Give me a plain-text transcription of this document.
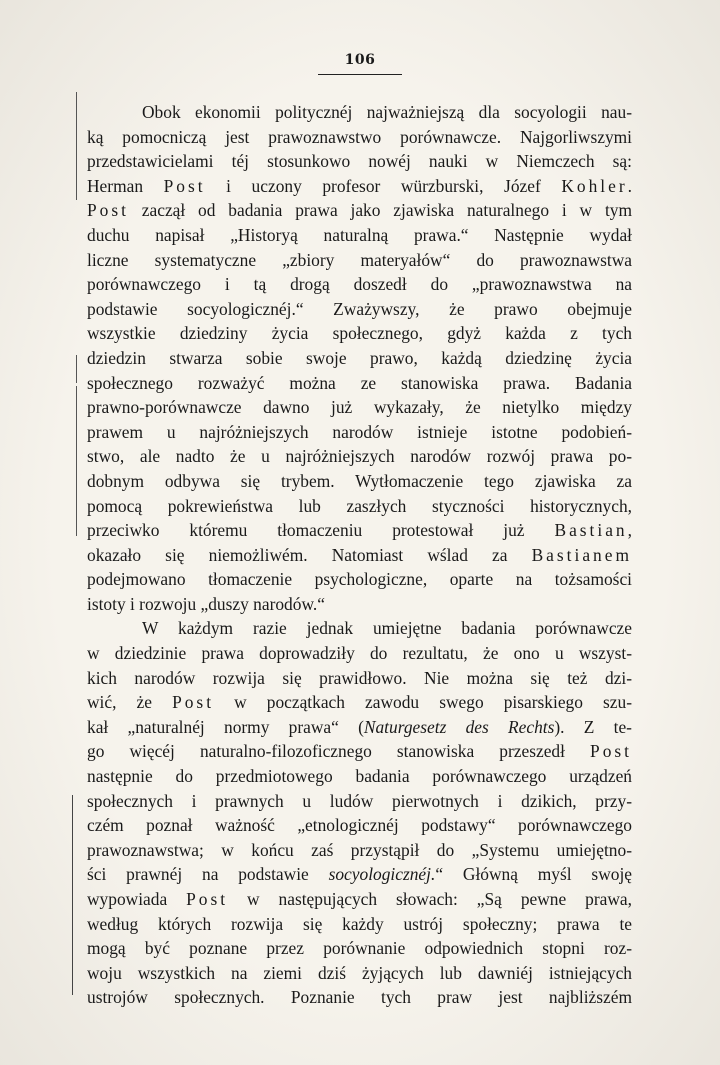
106
Obok ekonomii politycznéj najważniejszą dla socyologii nau-
ką pomocniczą jest prawoznawstwo porównawcze. Najgorliwszymi
przedstawicielami téj stosunkowo nowéj nauki w Niemczech są:
Herman Post i uczony profesor würzburski, Józef Kohler.
Post zaczął od badania prawa jako zjawiska naturalnego i w tym
duchu napisał „Historyą naturalną prawa.“ Następnie wydał
liczne systematyczne „zbiory materyałów“ do prawoznawstwa
porównawczego i tą drogą doszedł do „prawoznawstwa na
podstawie socyologicznéj.“ Zważywszy, że prawo obejmuje
wszystkie dziedziny życia społecznego, gdyż każda z tych
dziedzin stwarza sobie swoje prawo, każdą dziedzinę życia
społecznego rozważyć można ze stanowiska prawa. Badania
prawno-porównawcze dawno już wykazały, że nietylko między
prawem u najróżniejszych narodów istnieje istotne podobień-
stwo, ale nadto że u najróżniejszych narodów rozwój prawa po-
dobnym odbywa się trybem. Wytłomaczenie tego zjawiska za
pomocą pokrewieństwa lub zaszłych styczności historycznych,
przeciwko któremu tłomaczeniu protestował już Bastian,
okazało się niemożliwém. Natomiast wślad za Bastianem
podejmowano tłomaczenie psychologiczne, oparte na tożsamości
istoty i rozwoju „duszy narodów.“
W każdym razie jednak umiejętne badania porównawcze
w dziedzinie prawa doprowadziły do rezultatu, że ono u wszyst-
kich narodów rozwija się prawidłowo. Nie można się też dzi-
wić, że Post w początkach zawodu swego pisarskiego szu-
kał „naturalnéj normy prawa“ (Naturgesetz des Rechts). Z te-
go więcéj naturalno-filozoficznego stanowiska przeszedł Post
następnie do przedmiotowego badania porównawczego urządzeń
społecznych i prawnych u ludów pierwotnych i dzikich, przy-
czém poznał ważność „etnologicznéj podstawy“ porównawczego
prawoznawstwa; w końcu zaś przystąpił do „Systemu umiejętno-
ści prawnéj na podstawie socyologicznéj.“ Główną myśl swoję
wypowiada Post w następujących słowach: „Są pewne prawa,
według których rozwija się każdy ustrój społeczny; prawa te
mogą być poznane przez porównanie odpowiednich stopni roz-
woju wszystkich na ziemi dziś żyjących lub dawniéj istniejących
ustrojów społecznych. Poznanie tych praw jest najbliższém
